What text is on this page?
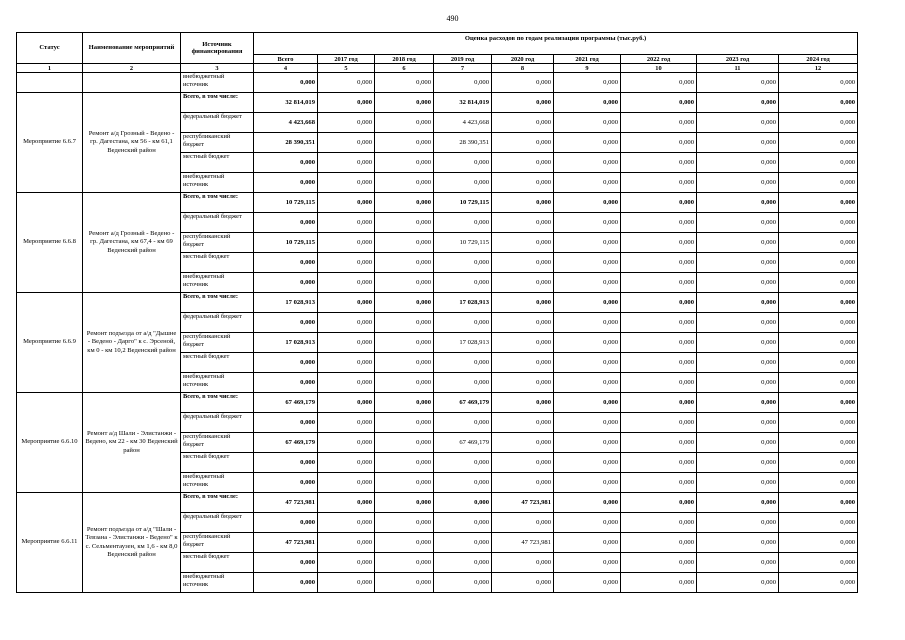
490
Статус	Наименование мероприятий	Источник финансирования	Оценка расходов по годам реализации программы (тыс.руб.)								
			Всего	2017 год	2018 год	2019 год	2020 год	2021 год	2022 год	2023 год	2024 год
1	2	3	4	5	6	7	8	9	10	11	12
		внебюджетный источник	0,000	0,000	0,000	0,000	0,000	0,000	0,000	0,000	0,000
Мероприятие 6.6.7	Ремонт а/д Грозный - Ведено - гр. Дагестана, км 56 - км 61,1 Веденский район	Всего, в том числе:	32 814,019	0,000	0,000	32 814,019	0,000	0,000	0,000	0,000	0,000
		федеральный бюджет	4 423,668	0,000	0,000	4 423,668	0,000	0,000	0,000	0,000	0,000
		республиканский бюджет	28 390,351	0,000	0,000	28 390,351	0,000	0,000	0,000	0,000	0,000
		местный бюджет	0,000	0,000	0,000	0,000	0,000	0,000	0,000	0,000	0,000
		внебюджетный источник	0,000	0,000	0,000	0,000	0,000	0,000	0,000	0,000	0,000
Мероприятие 6.6.8	Ремонт а/д Грозный - Ведено - гр. Дагестана, км 67,4 - км 69 Веденский район	Всего, в том числе:	10 729,115	0,000	0,000	10 729,115	0,000	0,000	0,000	0,000	0,000
		федеральный бюджет	0,000	0,000	0,000	0,000	0,000	0,000	0,000	0,000	0,000
		республиканский бюджет	10 729,115	0,000	0,000	10 729,115	0,000	0,000	0,000	0,000	0,000
		местный бюджет	0,000	0,000	0,000	0,000	0,000	0,000	0,000	0,000	0,000
		внебюджетный источник	0,000	0,000	0,000	0,000	0,000	0,000	0,000	0,000	0,000
Мероприятие 6.6.9	Ремонт подъезда от а/д "Дышне - Ведено - Дарго" к с. Эрсеной, км 0 - км 10,2 Веденский район	Всего, в том числе:	17 028,913	0,000	0,000	17 028,913	0,000	0,000	0,000	0,000	0,000
		федеральный бюджет	0,000	0,000	0,000	0,000	0,000	0,000	0,000	0,000	0,000
		республиканский бюджет	17 028,913	0,000	0,000	17 028,913	0,000	0,000	0,000	0,000	0,000
		местный бюджет	0,000	0,000	0,000	0,000	0,000	0,000	0,000	0,000	0,000
		внебюджетный источник	0,000	0,000	0,000	0,000	0,000	0,000	0,000	0,000	0,000
Мероприятие 6.6.10	Ремонт а/д Шали - Элистанжи - Ведено, км 22 - км 30 Веденский район	Всего, в том числе:	67 469,179	0,000	0,000	67 469,179	0,000	0,000	0,000	0,000	0,000
		федеральный бюджет	0,000	0,000	0,000	0,000	0,000	0,000	0,000	0,000	0,000
		республиканский бюджет	67 469,179	0,000	0,000	67 469,179	0,000	0,000	0,000	0,000	0,000
		местный бюджет	0,000	0,000	0,000	0,000	0,000	0,000	0,000	0,000	0,000
		внебюджетный источник	0,000	0,000	0,000	0,000	0,000	0,000	0,000	0,000	0,000
Мероприятие 6.6.11	Ремонт подъезда от а/д "Шали - Тевзана - Элистанжи - Ведено" к с. Сельментаузен, км 1,6 - км 8,0 Веденский район	Всего, в том числе:	47 723,981	0,000	0,000	0,000	47 723,981	0,000	0,000	0,000	0,000
		федеральный бюджет	0,000	0,000	0,000	0,000	0,000	0,000	0,000	0,000	0,000
		республиканский бюджет	47 723,981	0,000	0,000	0,000	47 723,981	0,000	0,000	0,000	0,000
		местный бюджет	0,000	0,000	0,000	0,000	0,000	0,000	0,000	0,000	0,000
		внебюджетный источник	0,000	0,000	0,000	0,000	0,000	0,000	0,000	0,000	0,000
